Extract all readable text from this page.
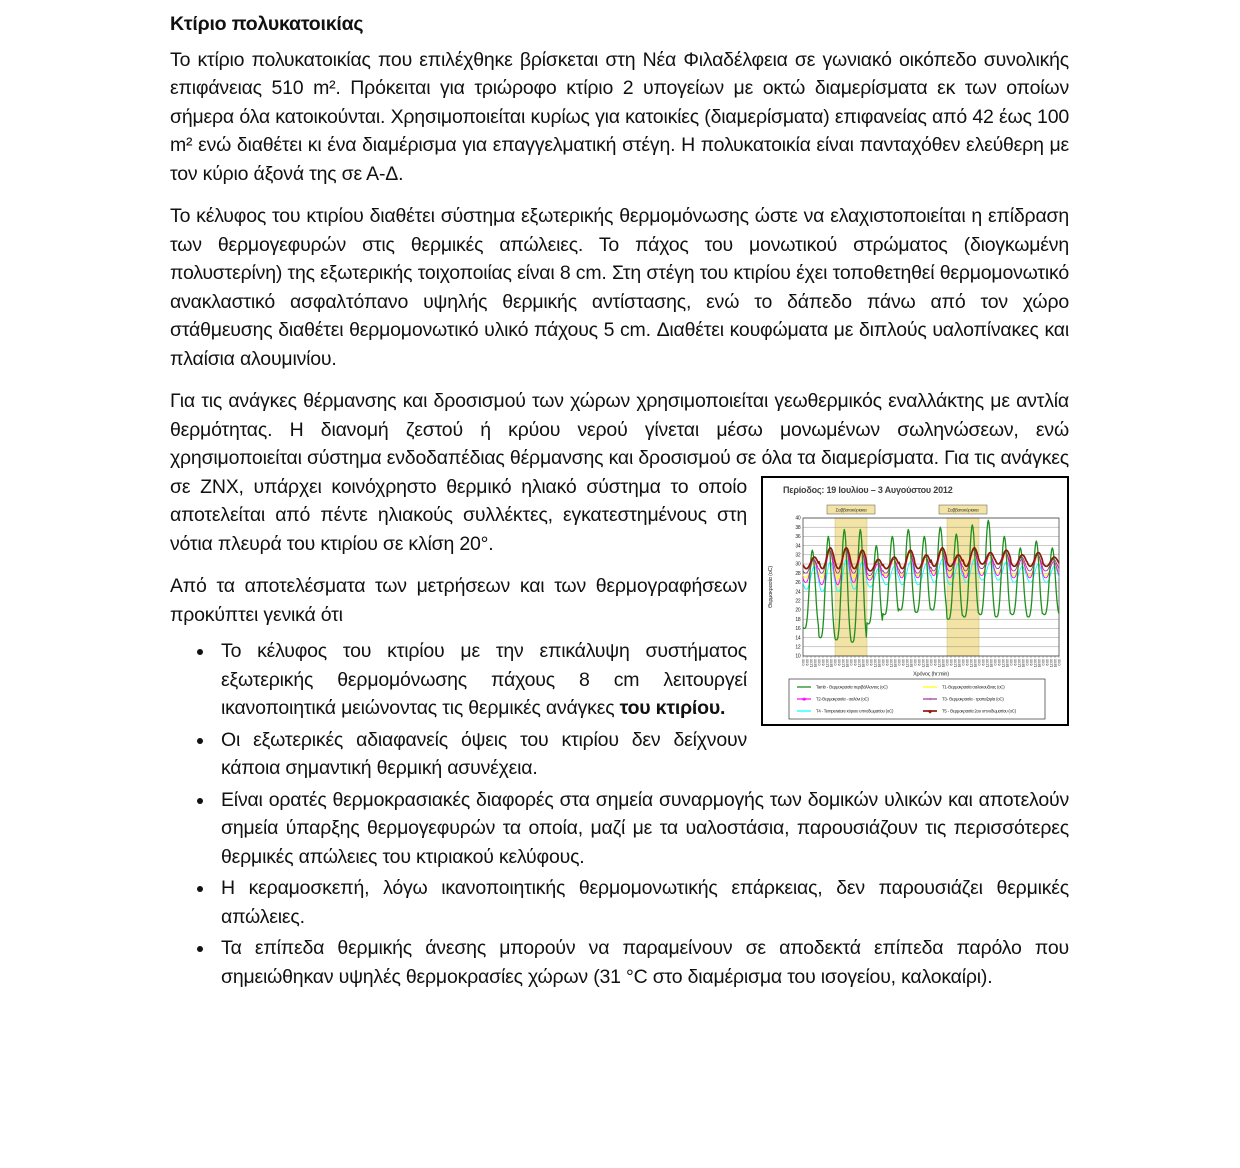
Κτίριο πολυκατοικίας

Το κτίριο πολυκατοικίας που επιλέχθηκε βρίσκεται στη Νέα Φιλαδέλφεια σε γωνιακό οικόπεδο συνολικής επιφάνειας 510 m². Πρόκειται για τριώροφο κτίριο 2 υπογείων με οκτώ διαμερίσματα εκ των οποίων σήμερα όλα κατοικούνται. Χρησιμοποιείται κυρίως για κατοικίες (διαμερίσματα) επιφανείας από 42 έως 100 m² ενώ διαθέτει κι ένα διαμέρισμα για επαγγελματική στέγη. Η πολυκατοικία είναι πανταχόθεν ελεύθερη με τον κύριο άξονά της σε Α-Δ.

Το κέλυφος του κτιρίου διαθέτει σύστημα εξωτερικής θερμομόνωσης ώστε να ελαχιστοποιείται η επίδραση των θερμογεφυρών στις θερμικές απώλειες. Το πάχος του μονωτικού στρώματος (διογκωμένη πολυστερίνη) της εξωτερικής τοιχοποιίας είναι 8 cm. Στη στέγη του κτιρίου έχει τοποθετηθεί θερμομονωτικό ανακλαστικό ασφαλτόπανο υψηλής θερμικής αντίστασης, ενώ το δάπεδο πάνω από τον χώρο στάθμευσης διαθέτει θερμομονωτικό υλικό πάχους 5 cm. Διαθέτει κουφώματα με διπλούς υαλοπίνακες και πλαίσια αλουμινίου.

Για τις ανάγκες θέρμανσης και δροσισμού των χώρων χρησιμοποιείται γεωθερμικός εναλλάκτης με αντλία θερμότητας. Η διανομή ζεστού ή κρύου νερού γίνεται μέσω μονωμένων σωληνώσεων, ενώ χρησιμοποιείται σύστημα ενδοδαπέδιας θέρμανσης και δροσισμού σε όλα
Σαββατοκύριακα	Σαββατοκύριακα
10
12
14
16
18
20
22
24
26
28
30
32
34
36
38
40
0:00 6:00 12:00 18:00 0:00 6:00 12:00 18:00 0:00 6:00 12:00 18:00 0:00 6:00 12:00 18:00 0:00 6:00 12:00 18:00 0:00 6:00 12:00 18:00 0:00 6:00 12:00 18:00 0:00 6:00 12:00 18:00 0:00 6:00 12:00 18:00 0:00 6:00 12:00 18:00 0:00 6:00 12:00 18:00 0:00 6:00 12:00 18:00 0:00 6:00 12:00 18:00 0:00 6:00 12:00 18:00 0:00 6:00 12:00 18:00 0:00 6:00 12:00 18:00 0:00
Περίοδος: 19 Ιουλίου – 3 Αυγούστου 2012
Θερμοκρασία (oC)
Χρόνος (hr:min)
Tamb - Θερμοκρασία περιβάλλοντος (oC)	T1-Θερμοκρασία σαλοκουζίνας (oC)
✱ T2-Θερμοκρασία - σαλόνι (oC)	+ T3- Θερμοκρασία - τραπεζαρία (oC)
T4 - Temperature κύριου υπνοδωματίου (oC)	◆ T5 - Θερμοκρασία 2ου υπνοδωματίου (oC)
τα διαμερίσματα. Για τις ανάγκες σε ΖΝΧ, υπάρχει κοινόχρηστο θερμικό ηλιακό σύστημα το οποίο αποτελείται από πέντε ηλιακούς συλλέκτες, εγκατεστημένους στη νότια πλευρά του κτιρίου σε κλίση 20°.

Από τα αποτελέσματα των μετρήσεων και των θερμογραφήσεων προκύπτει γενικά ότι

• Το κέλυφος του κτιρίου με την επικάλυψη συστήματος εξωτερικής θερμομόνωσης πάχους 8 cm λειτουργεί ικανοποιητικά μειώνοντας τις θερμικές ανάγκες του κτιρίου.
• Οι εξωτερικές αδιαφανείς όψεις του κτιρίου δεν δείχνουν κάποια σημαντική θερμική ασυνέχεια.
• Είναι ορατές θερμοκρασιακές διαφορές στα σημεία συναρμογής των δομικών υλικών και αποτελούν σημεία ύπαρξης θερμογεφυρών τα οποία, μαζί με τα υαλοστάσια, παρουσιάζουν τις περισσότερες θερμικές απώλειες του κτιριακού κελύφους.
• Η κεραμοσκεπή, λόγω ικανοποιητικής θερμομονωτικής επάρκειας, δεν παρουσιάζει θερμικές απώλειες.
• Τα επίπεδα θερμικής άνεσης μπορούν να παραμείνουν σε αποδεκτά επίπεδα παρόλο που σημειώθηκαν υψηλές θερμοκρασίες χώρων (31 °C στο διαμέρισμα του ισογείου, καλοκαίρι).
